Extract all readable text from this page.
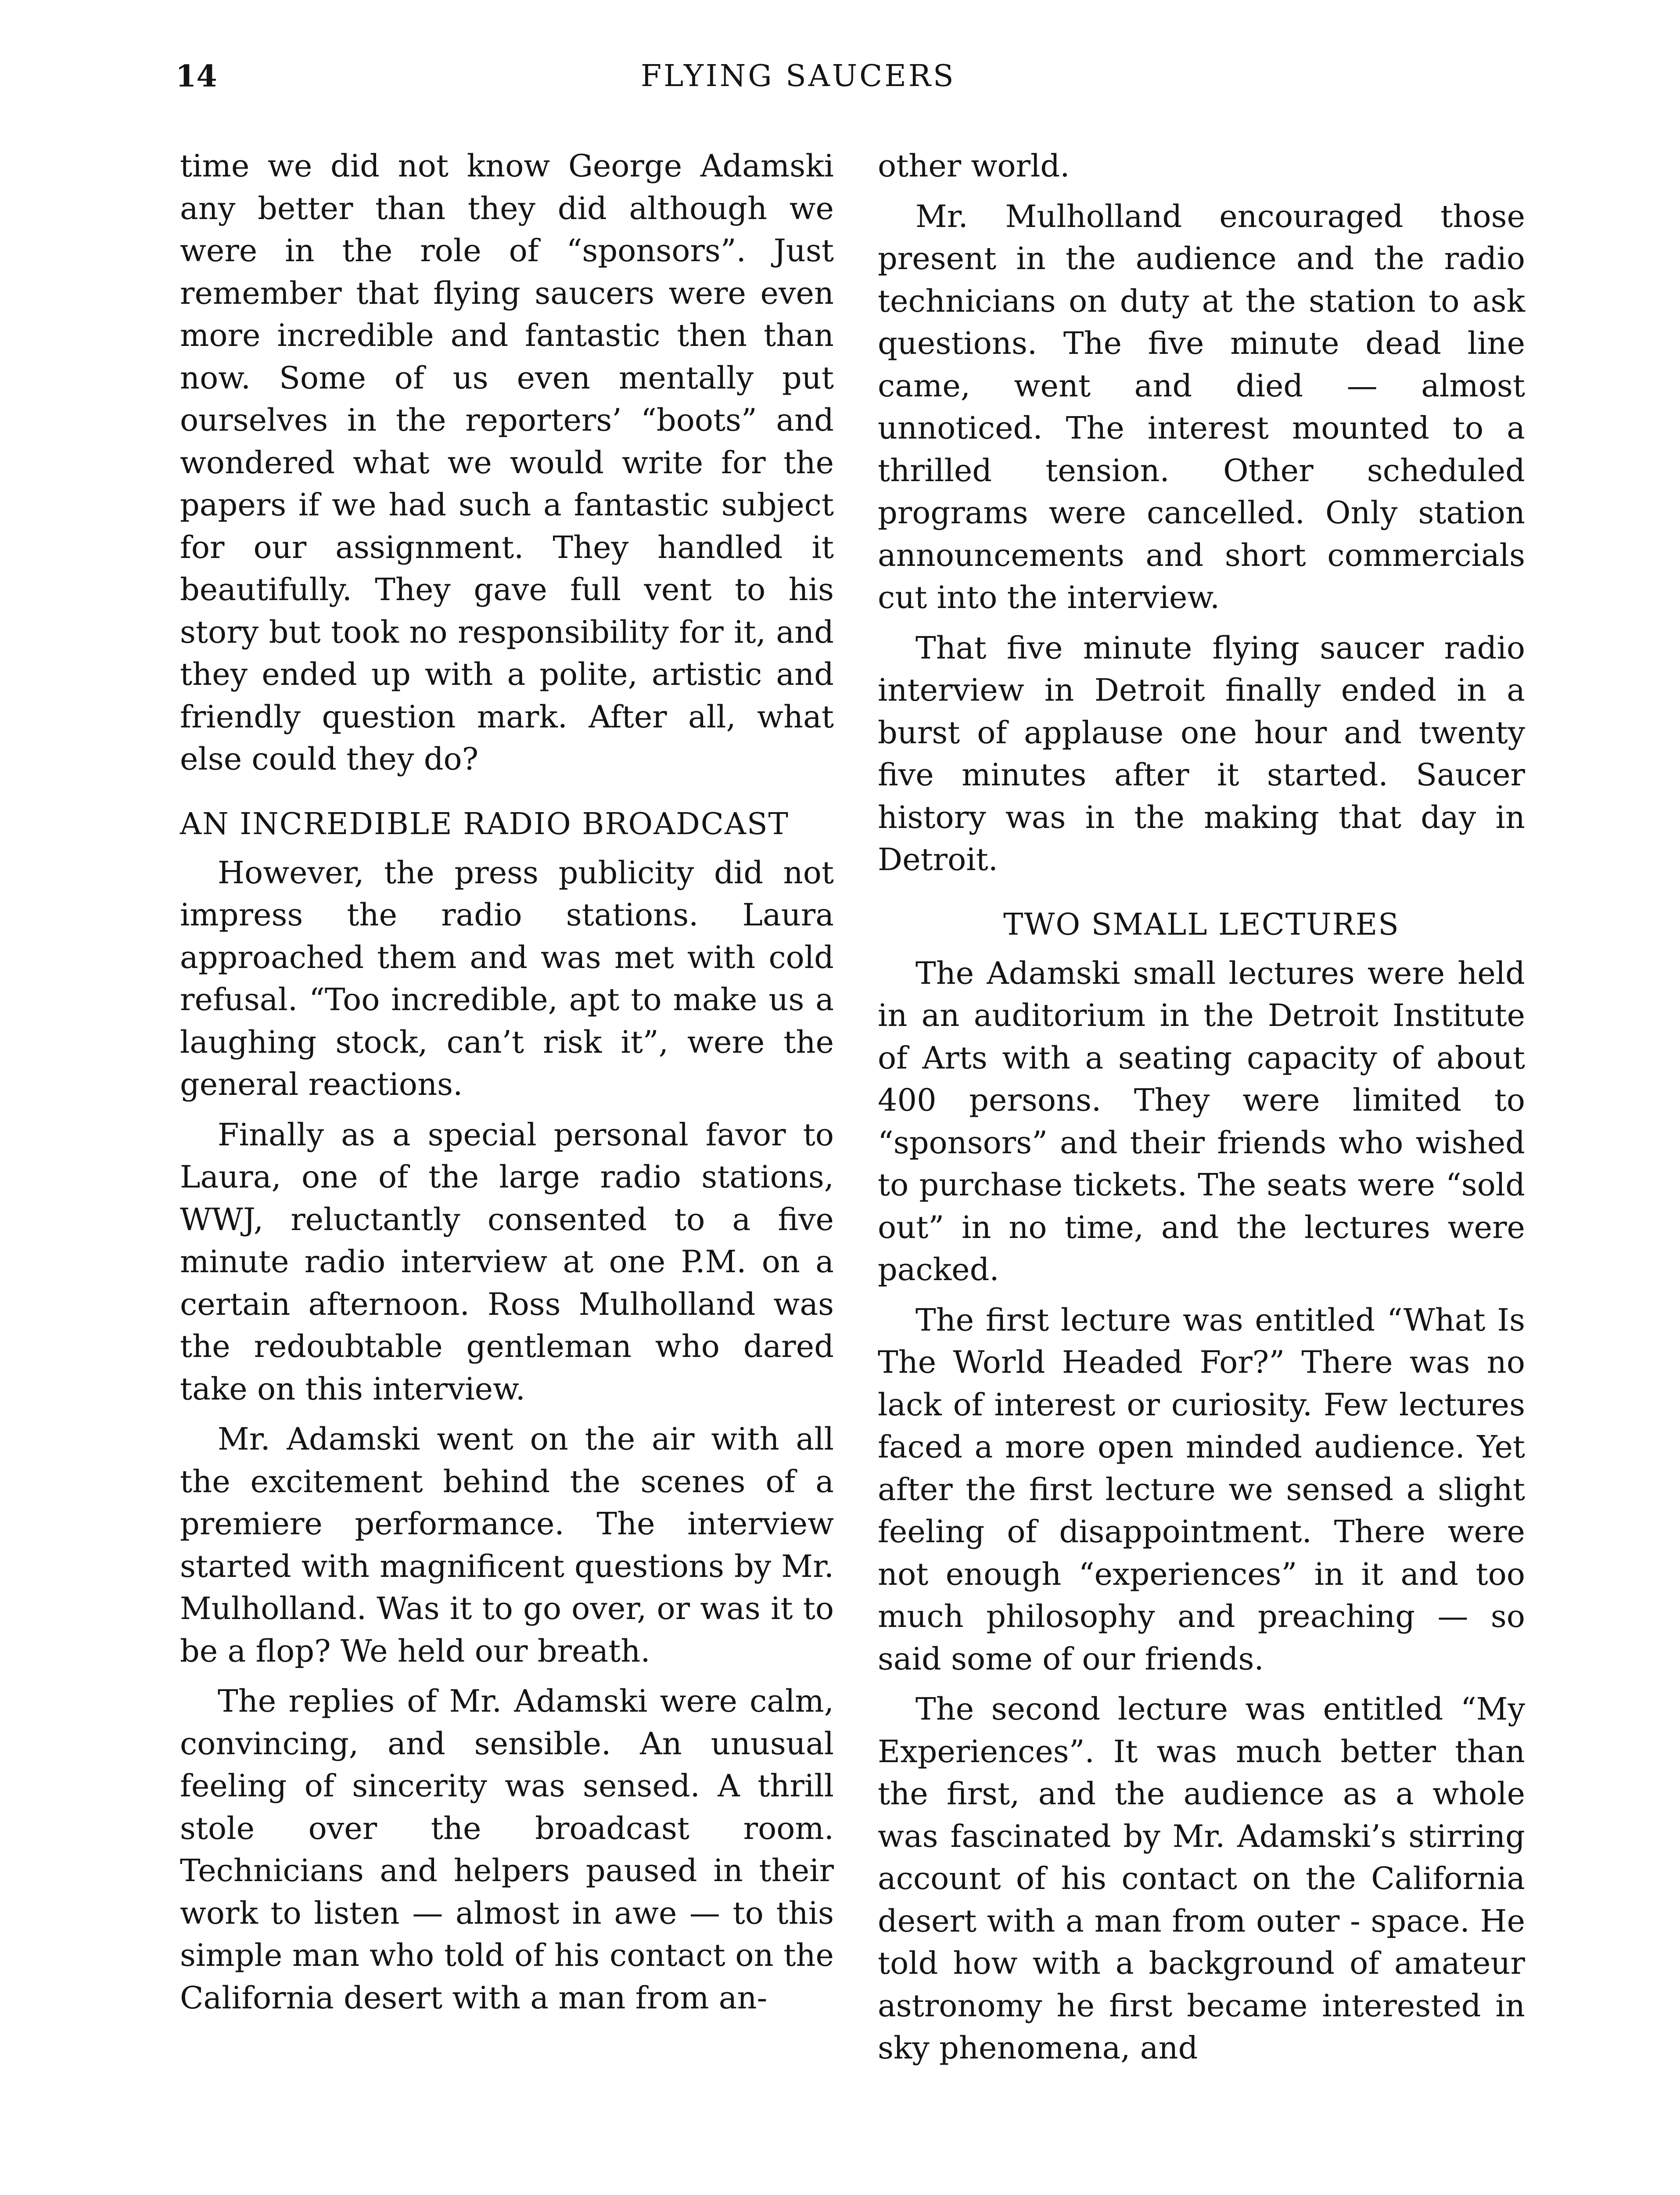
14	FLYING SAUCERS

time we did not know George Adamski any better than they did although we were in the role of “sponsors”. Just remember that flying saucers were even more incredible and fantastic then than now. Some of us even mentally put ourselves in the reporters’ “boots” and wondered what we would write for the papers if we had such a fantastic subject for our assignment. They handled it beautifully. They gave full vent to his story but took no responsibility for it, and they ended up with a polite, artistic and friendly question mark. After all, what else could they do?

AN INCREDIBLE RADIO BROADCAST

However, the press publicity did not impress the radio stations. Laura approached them and was met with cold refusal. “Too incredible, apt to make us a laughing stock, can’t risk it”, were the general reactions.

Finally as a special personal favor to Laura, one of the large radio stations, WWJ, reluctantly consented to a five minute radio interview at one P.M. on a certain afternoon. Ross Mulholland was the redoubtable gentleman who dared take on this interview.

Mr. Adamski went on the air with all the excitement behind the scenes of a premiere performance. The interview started with magnificent questions by Mr. Mulholland. Was it to go over, or was it to be a flop? We held our breath.

The replies of Mr. Adamski were calm, convincing, and sensible. An unusual feeling of sincerity was sensed. A thrill stole over the broadcast room. Technicians and helpers paused in their work to listen — almost in awe — to this simple man who told of his contact on the California desert with a man from an-

other world.

Mr. Mulholland encouraged those present in the audience and the radio technicians on duty at the station to ask questions. The five minute dead line came, went and died — almost unnoticed. The interest mounted to a thrilled tension. Other scheduled programs were cancelled. Only station announcements and short commercials cut into the interview.

That five minute flying saucer radio interview in Detroit finally ended in a burst of applause one hour and twenty five minutes after it started. Saucer history was in the making that day in Detroit.

TWO SMALL LECTURES

The Adamski small lectures were held in an auditorium in the Detroit Institute of Arts with a seating capacity of about 400 persons. They were limited to “sponsors” and their friends who wished to purchase tickets. The seats were “sold out” in no time, and the lectures were packed.

The first lecture was entitled “What Is The World Headed For?” There was no lack of interest or curiosity. Few lectures faced a more open minded audience. Yet after the first lecture we sensed a slight feeling of disappointment. There were not enough “experiences” in it and too much philosophy and preaching — so said some of our friends.

The second lecture was entitled “My Experiences”. It was much better than the first, and the audience as a whole was fascinated by Mr. Adamski’s stirring account of his contact on the California desert with a man from outer - space. He told how with a background of amateur astronomy he first became interested in sky phenomena, and
